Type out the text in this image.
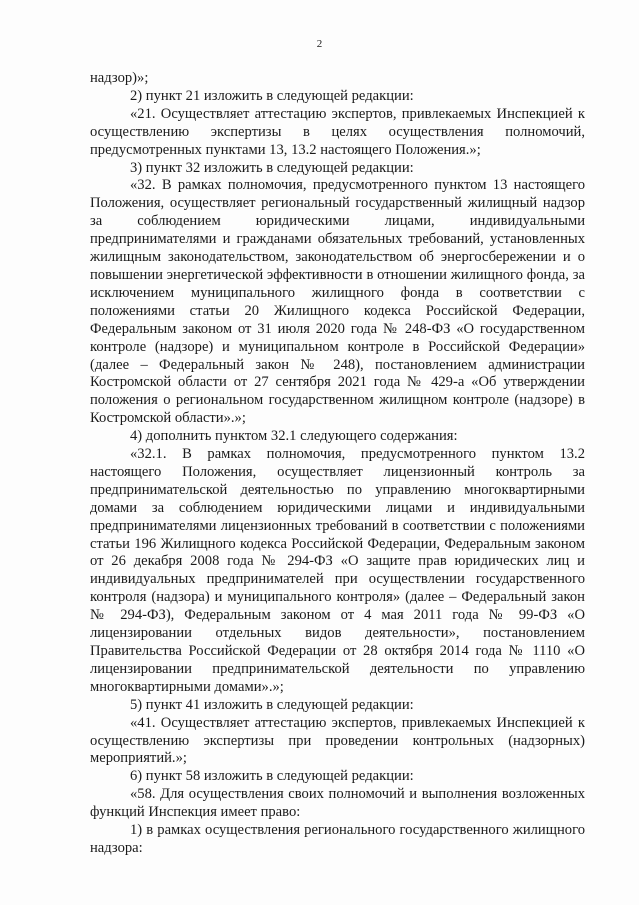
2

надзор)»;

2) пункт 21 изложить в следующей редакции:

«21. Осуществляет аттестацию экспертов, привлекаемых Инспекцией к осуществлению экспертизы в целях осуществления полномочий, предусмотренных пунктами 13, 13.2 настоящего Положения.»;

3) пункт 32 изложить в следующей редакции:

«32. В рамках полномочия, предусмотренного пунктом 13 настоящего Положения, осуществляет региональный государственный жилищный надзор за соблюдением юридическими лицами, индивидуальными предпринимателями и гражданами обязательных требований, установленных жилищным законодательством, законодательством об энергосбережении и о повышении энергетической эффективности в отношении жилищного фонда, за исключением муниципального жилищного фонда в соответствии с положениями статьи 20 Жилищного кодекса Российской Федерации, Федеральным законом от 31 июля 2020 года № 248-ФЗ «О государственном контроле (надзоре) и муниципальном контроле в Российской Федерации» (далее – Федеральный закон № 248), постановлением администрации Костромской области от 27 сентября 2021 года № 429-а «Об утверждении положения о региональном государственном жилищном контроле (надзоре) в Костромской области».»;

4) дополнить пунктом 32.1 следующего содержания:

«32.1. В рамках полномочия, предусмотренного пунктом 13.2 настоящего Положения, осуществляет лицензионный контроль за предпринимательской деятельностью по управлению многоквартирными домами за соблюдением юридическими лицами и индивидуальными предпринимателями лицензионных требований в соответствии с положениями статьи 196 Жилищного кодекса Российской Федерации, Федеральным законом от 26 декабря 2008 года № 294-ФЗ «О защите прав юридических лиц и индивидуальных предпринимателей при осуществлении государственного контроля (надзора) и муниципального контроля» (далее – Федеральный закон № 294-ФЗ), Федеральным законом от 4 мая 2011 года № 99-ФЗ «О лицензировании отдельных видов деятельности», постановлением Правительства Российской Федерации от 28 октября 2014 года № 1110 «О лицензировании предпринимательской деятельности по управлению многоквартирными домами».»;

5) пункт 41 изложить в следующей редакции:

«41. Осуществляет аттестацию экспертов, привлекаемых Инспекцией к осуществлению экспертизы при проведении контрольных (надзорных) мероприятий.»;

6) пункт 58 изложить в следующей редакции:

«58. Для осуществления своих полномочий и выполнения возложенных функций Инспекция имеет право:

1) в рамках осуществления регионального государственного жилищного надзора:
